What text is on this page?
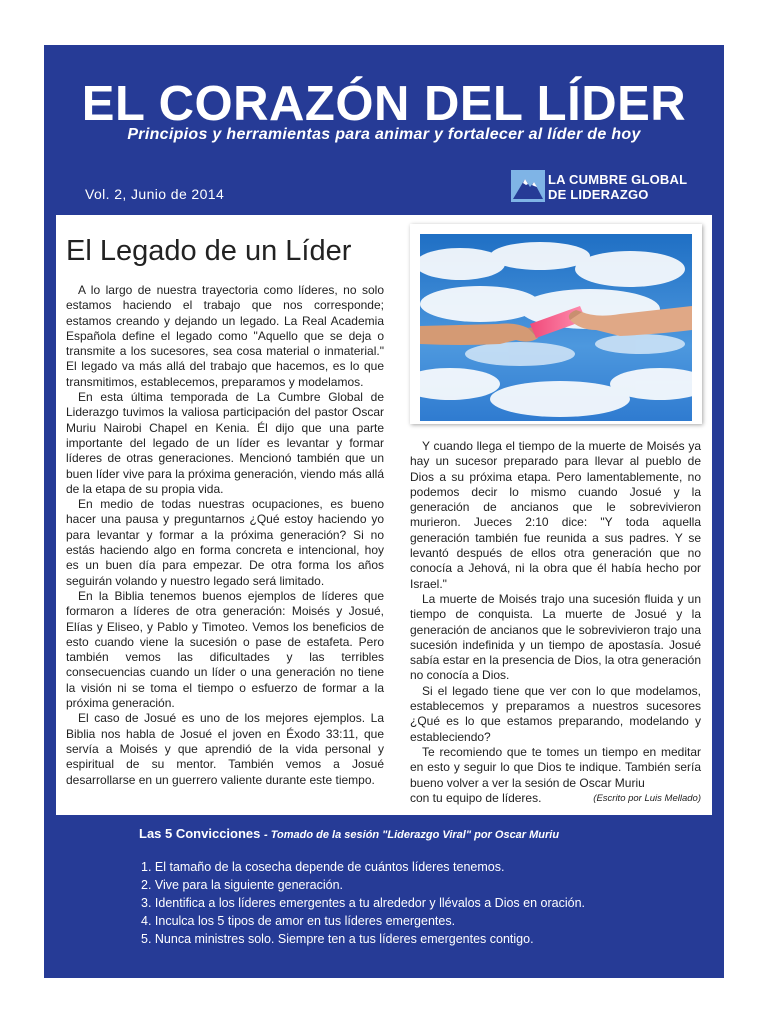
EL CORAZÓN DEL LÍDER
Principios y herramientas para animar y fortalecer al líder de hoy
Vol. 2, Junio de 2014
LA CUMBRE GLOBAL
DE LIDERAZGO
El Legado de un Líder

A lo largo de nuestra trayectoria como líderes, no solo estamos haciendo el trabajo que nos corresponde; estamos creando y dejando un legado. La Real Academia Española define el legado como "Aquello que se deja o transmite a los sucesores, sea cosa material o inmaterial." El legado va más allá del trabajo que hacemos, es lo que transmitimos, establecemos, preparamos y modelamos.

En esta última temporada de La Cumbre Global de Liderazgo tuvimos la valiosa participación del pastor Oscar Muriu Nairobi Chapel en Kenia. Él dijo que una parte importante del legado de un líder es levantar y formar líderes de otras generaciones. Mencionó también que un buen líder vive para la próxima generación, viendo más allá de la etapa de su propia vida.

En medio de todas nuestras ocupaciones, es bueno hacer una pausa y preguntarnos ¿Qué estoy haciendo yo para levantar y formar a la próxima generación? Si no estás haciendo algo en forma concreta e intencional, hoy es un buen día para empezar. De otra forma los años seguirán volando y nuestro legado será limitado.

En la Biblia tenemos buenos ejemplos de líderes que formaron a líderes de otra generación: Moisés y Josué, Elías y Eliseo, y Pablo y Timoteo. Vemos los beneficios de esto cuando viene la sucesión o pase de estafeta. Pero también vemos las dificultades y las terribles consecuencias cuando un líder o una generación no tiene la visión ni se toma el tiempo o esfuerzo de formar a la próxima generación.

El caso de Josué es uno de los mejores ejemplos. La Biblia nos habla de Josué el joven en Éxodo 33:11, que servía a Moisés y que aprendió de la vida personal y espiritual de su mentor. También vemos a Josué desarrollarse en un guerrero valiente durante este tiempo.

Y cuando llega el tiempo de la muerte de Moisés ya hay un sucesor preparado para llevar al pueblo de Dios a su próxima etapa. Pero lamentablemente, no podemos decir lo mismo cuando Josué y la generación de ancianos que le sobrevivieron murieron. Jueces 2:10 dice: "Y toda aquella generación también fue reunida a sus padres. Y se levantó después de ellos otra generación que no conocía a Jehová, ni la obra que él había hecho por Israel."

La muerte de Moisés trajo una sucesión fluida y un tiempo de conquista. La muerte de Josué y la generación de ancianos que le sobrevivieron trajo una sucesión indefinida y un tiempo de apostasía. Josué sabía estar en la presencia de Dios, la otra generación no conocía a Dios.

Si el legado tiene que ver con lo que modelamos, establecemos y preparamos a nuestros sucesores ¿Qué es lo que estamos preparando, modelando y estableciendo?

Te recomiendo que te tomes un tiempo en meditar en esto y seguir lo que Dios te indique. También sería bueno volver a ver la sesión de Oscar Muriu

con tu equipo de líderes.	(Escrito por Luis Mellado)

Las 5 Convicciones - Tomado de la sesión "Liderazgo Viral" por Oscar Muriu
1. El tamaño de la cosecha depende de cuántos líderes tenemos.
2. Vive para la siguiente generación.
3. Identifica a los líderes emergentes a tu alrededor y llévalos a Dios en oración.
4. Inculca los 5 tipos de amor en tus líderes emergentes.
5. Nunca ministres solo. Siempre ten a tus líderes emergentes contigo.
